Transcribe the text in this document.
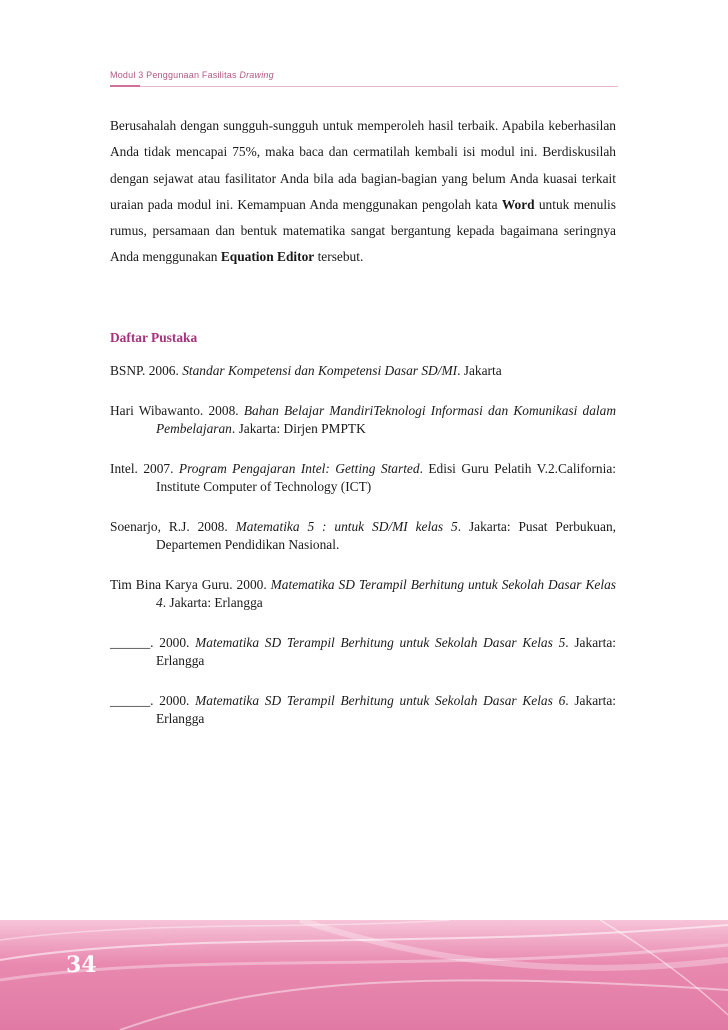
Modul 3 Penggunaan Fasilitas Drawing
Berusahalah dengan sungguh-sungguh untuk memperoleh hasil terbaik. Apabila keberhasilan Anda tidak mencapai 75%, maka baca dan cermatilah kembali isi modul ini. Berdiskusilah dengan sejawat atau fasilitator Anda bila ada bagian-bagian yang belum Anda kuasai terkait uraian pada modul ini. Kemampuan Anda menggunakan pengolah kata Word untuk menulis rumus, persamaan dan bentuk matematika sangat bergantung kepada bagaimana seringnya Anda menggunakan Equation Editor tersebut.
Daftar Pustaka

BSNP. 2006. Standar Kompetensi dan Kompetensi Dasar SD/MI. Jakarta

Hari Wibawanto. 2008. Bahan Belajar MandiriTeknologi Informasi dan Komunikasi dalam Pembelajaran. Jakarta: Dirjen PMPTK

Intel. 2007. Program Pengajaran Intel: Getting Started. Edisi Guru Pelatih V.2.California: Institute Computer of Technology (ICT)

Soenarjo, R.J. 2008. Matematika 5 : untuk SD/MI kelas 5. Jakarta: Pusat Perbukuan, Departemen Pendidikan Nasional.

Tim Bina Karya Guru. 2000. Matematika SD Terampil Berhitung untuk Sekolah Dasar Kelas 4. Jakarta: Erlangga

______. 2000. Matematika SD Terampil Berhitung untuk Sekolah Dasar Kelas 5. Jakarta: Erlangga

______. 2000. Matematika SD Terampil Berhitung untuk Sekolah Dasar Kelas 6. Jakarta: Erlangga

34
